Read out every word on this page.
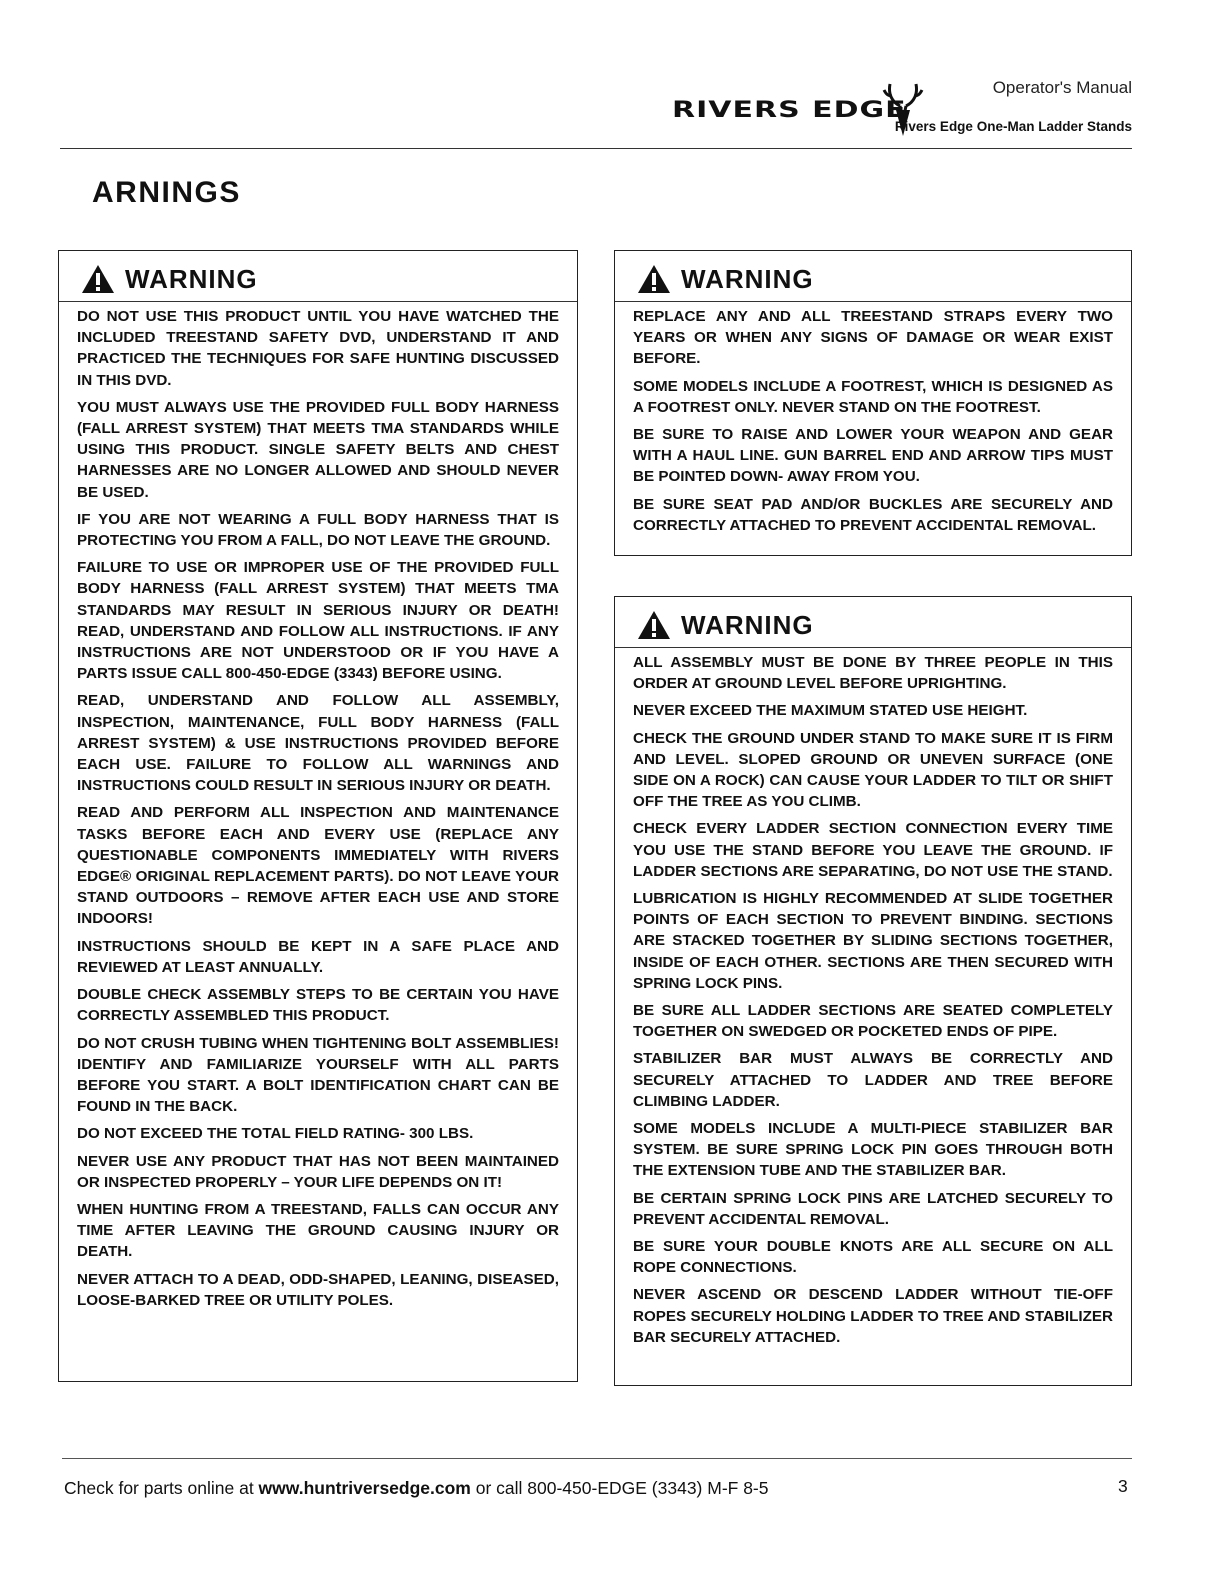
Operator's Manual
RIVERS EDGE
Rivers Edge One-Man Ladder Stands
ARNINGS
WARNING

DO NOT USE THIS PRODUCT UNTIL YOU HAVE WATCHED THE INCLUDED TREESTAND SAFETY DVD, UNDERSTAND IT AND PRACTICED THE TECHNIQUES FOR SAFE HUNTING DISCUSSED IN THIS DVD.

YOU MUST ALWAYS USE THE PROVIDED FULL BODY HARNESS (FALL ARREST SYSTEM) THAT MEETS TMA STANDARDS WHILE USING THIS PRODUCT. SINGLE SAFETY BELTS AND CHEST HARNESSES ARE NO LONGER ALLOWED AND SHOULD NEVER BE USED.

IF YOU ARE NOT WEARING A FULL BODY HARNESS THAT IS PROTECTING YOU FROM A FALL, DO NOT LEAVE THE GROUND.

FAILURE TO USE OR IMPROPER USE OF THE PROVIDED FULL BODY HARNESS (FALL ARREST SYSTEM) THAT MEETS TMA STANDARDS MAY RESULT IN SERIOUS INJURY OR DEATH! READ, UNDERSTAND AND FOLLOW ALL INSTRUCTIONS. IF ANY INSTRUCTIONS ARE NOT UNDERSTOOD OR IF YOU HAVE A PARTS ISSUE CALL 800-450-EDGE (3343) BEFORE USING.

READ, UNDERSTAND AND FOLLOW ALL ASSEMBLY, INSPECTION, MAINTENANCE, FULL BODY HARNESS (FALL ARREST SYSTEM) & USE INSTRUCTIONS PROVIDED BEFORE EACH USE. FAILURE TO FOLLOW ALL WARNINGS AND INSTRUCTIONS COULD RESULT IN SERIOUS INJURY OR DEATH.

READ AND PERFORM ALL INSPECTION AND MAINTENANCE TASKS BEFORE EACH AND EVERY USE (REPLACE ANY QUESTIONABLE COMPONENTS IMMEDIATELY WITH RIVERS EDGE® ORIGINAL REPLACEMENT PARTS). DO NOT LEAVE YOUR STAND OUTDOORS – REMOVE AFTER EACH USE AND STORE INDOORS!

INSTRUCTIONS SHOULD BE KEPT IN A SAFE PLACE AND REVIEWED AT LEAST ANNUALLY.

DOUBLE CHECK ASSEMBLY STEPS TO BE CERTAIN YOU HAVE CORRECTLY ASSEMBLED THIS PRODUCT.

DO NOT CRUSH TUBING WHEN TIGHTENING BOLT ASSEMBLIES! IDENTIFY AND FAMILIARIZE YOURSELF WITH ALL PARTS BEFORE YOU START. A BOLT IDENTIFICATION CHART CAN BE FOUND IN THE BACK.

DO NOT EXCEED THE TOTAL FIELD RATING- 300 LBS.

NEVER USE ANY PRODUCT THAT HAS NOT BEEN MAINTAINED OR INSPECTED PROPERLY – YOUR LIFE DEPENDS ON IT!

WHEN HUNTING FROM A TREESTAND, FALLS CAN OCCUR ANY TIME AFTER LEAVING THE GROUND CAUSING INJURY OR DEATH.

NEVER ATTACH TO A DEAD, ODD-SHAPED, LEANING, DISEASED, LOOSE-BARKED TREE OR UTILITY POLES.

WARNING

REPLACE ANY AND ALL TREESTAND STRAPS EVERY TWO YEARS OR WHEN ANY SIGNS OF DAMAGE OR WEAR EXIST BEFORE.

SOME MODELS INCLUDE A FOOTREST, WHICH IS DESIGNED AS A FOOTREST ONLY. NEVER STAND ON THE FOOTREST.

BE SURE TO RAISE AND LOWER YOUR WEAPON AND GEAR WITH A HAUL LINE. GUN BARREL END AND ARROW TIPS MUST BE POINTED DOWN- AWAY FROM YOU.

BE SURE SEAT PAD AND/OR BUCKLES ARE SECURELY AND CORRECTLY ATTACHED TO PREVENT ACCIDENTAL REMOVAL.

WARNING

ALL ASSEMBLY MUST BE DONE BY THREE PEOPLE IN THIS ORDER AT GROUND LEVEL BEFORE UPRIGHTING.

NEVER EXCEED THE MAXIMUM STATED USE HEIGHT.

CHECK THE GROUND UNDER STAND TO MAKE SURE IT IS FIRM AND LEVEL. SLOPED GROUND OR UNEVEN SURFACE (ONE SIDE ON A ROCK) CAN CAUSE YOUR LADDER TO TILT OR SHIFT OFF THE TREE AS YOU CLIMB.

CHECK EVERY LADDER SECTION CONNECTION EVERY TIME YOU USE THE STAND BEFORE YOU LEAVE THE GROUND. IF LADDER SECTIONS ARE SEPARATING, DO NOT USE THE STAND.

LUBRICATION IS HIGHLY RECOMMENDED AT SLIDE TOGETHER POINTS OF EACH SECTION TO PREVENT BINDING. SECTIONS ARE STACKED TOGETHER BY SLIDING SECTIONS TOGETHER, INSIDE OF EACH OTHER. SECTIONS ARE THEN SECURED WITH SPRING LOCK PINS.

BE SURE ALL LADDER SECTIONS ARE SEATED COMPLETELY TOGETHER ON SWEDGED OR POCKETED ENDS OF PIPE.

STABILIZER BAR MUST ALWAYS BE CORRECTLY AND SECURELY ATTACHED TO LADDER AND TREE BEFORE CLIMBING LADDER.

SOME MODELS INCLUDE A MULTI-PIECE STABILIZER BAR SYSTEM. BE SURE SPRING LOCK PIN GOES THROUGH BOTH THE EXTENSION TUBE AND THE STABILIZER BAR.

BE CERTAIN SPRING LOCK PINS ARE LATCHED SECURELY TO PREVENT ACCIDENTAL REMOVAL.

BE SURE YOUR DOUBLE KNOTS ARE ALL SECURE ON ALL ROPE CONNECTIONS.

NEVER ASCEND OR DESCEND LADDER WITHOUT TIE-OFF ROPES SECURELY HOLDING LADDER TO TREE AND STABILIZER BAR SECURELY ATTACHED.

Check for parts online at www.huntriversedge.com or call 800-450-EDGE (3343) M-F 8-5	3
